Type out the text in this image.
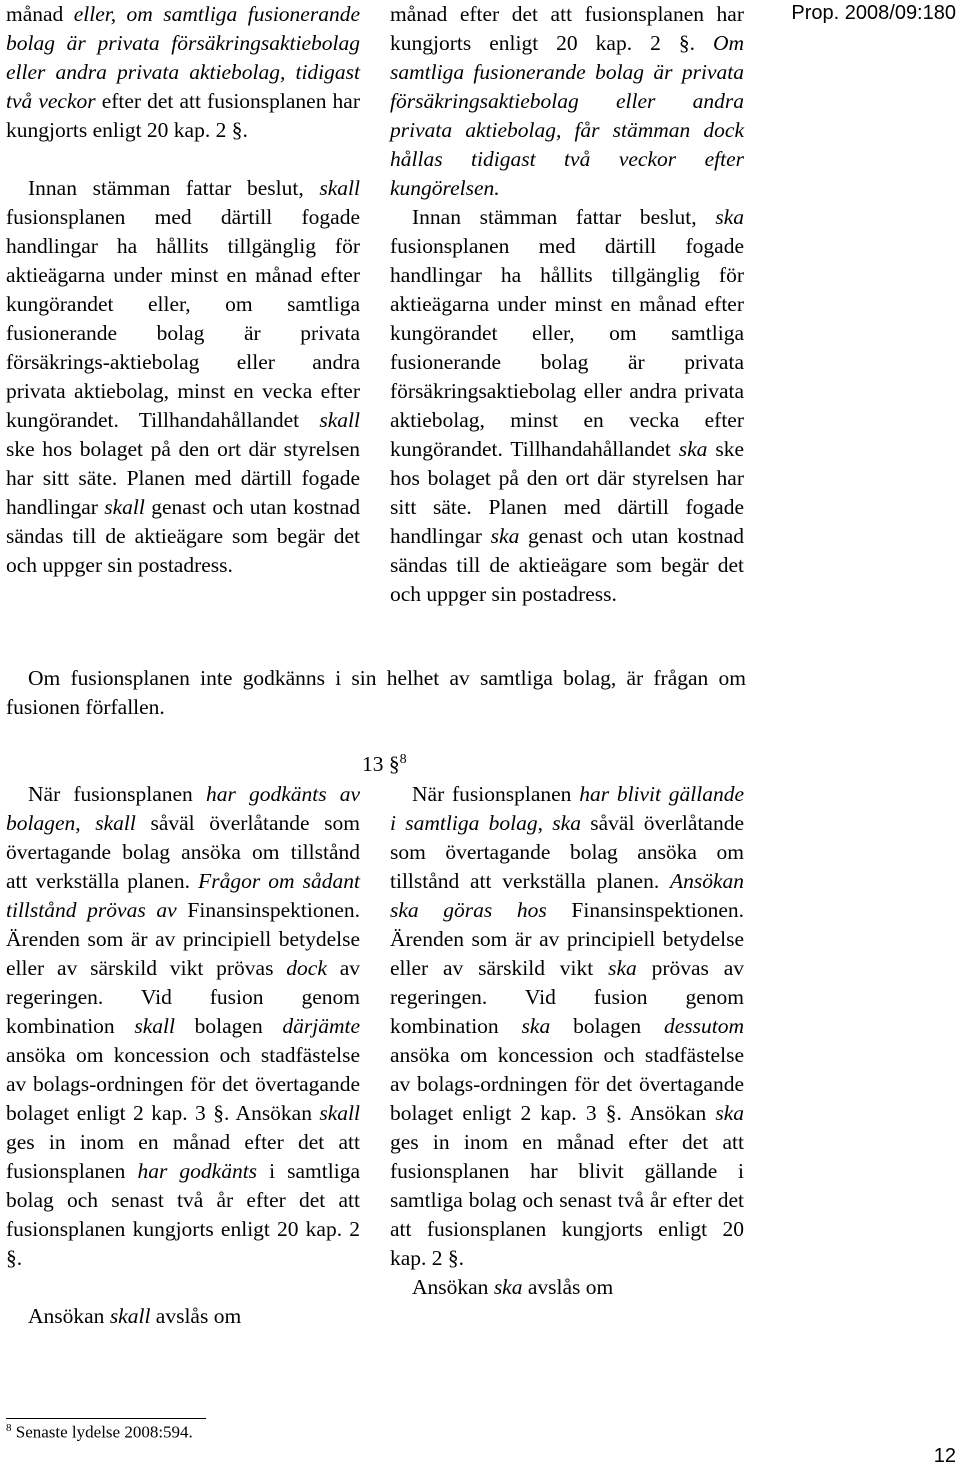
Prop. 2008/09:180

månad eller, om samtliga fusionerande bolag är privata försäkringsaktiebolag eller andra privata aktiebolag, tidigast två veckor efter det att fusionsplanen har kungjorts enligt 20 kap. 2 §.

Innan stämman fattar beslut, skall fusionsplanen med därtill fogade handlingar ha hållits tillgänglig för aktieägarna under minst en månad efter kungörandet eller, om samtliga fusionerande bolag är privata försäkrings-aktiebolag eller andra privata aktiebolag, minst en vecka efter kungörandet. Tillhandahållandet skall ske hos bolaget på den ort där styrelsen har sitt säte. Planen med därtill fogade handlingar skall genast och utan kostnad sändas till de aktieägare som begär det och uppger sin postadress.

månad efter det att fusionsplanen har kungjorts enligt 20 kap. 2 §. Om samtliga fusionerande bolag är privata försäkringsaktiebolag eller andra privata aktiebolag, får stämman dock hållas tidigast två veckor efter kungörelsen.

Innan stämman fattar beslut, ska fusionsplanen med därtill fogade handlingar ha hållits tillgänglig för aktieägarna under minst en månad efter kungörandet eller, om samtliga fusionerande bolag är privata försäkringsaktiebolag eller andra privata aktiebolag, minst en vecka efter kungörandet. Tillhandahållandet ska ske hos bolaget på den ort där styrelsen har sitt säte. Planen med därtill fogade handlingar ska genast och utan kostnad sändas till de aktieägare som begär det och uppger sin postadress.

Om fusionsplanen inte godkänns i sin helhet av samtliga bolag, är frågan om fusionen förfallen.
13 §$^8$

När fusionsplanen har godkänts av bolagen, skall såväl överlåtande som övertagande bolag ansöka om tillstånd att verkställa planen. Frågor om sådant tillstånd prövas av Finansinspektionen. Ärenden som är av principiell betydelse eller av särskild vikt prövas dock av regeringen. Vid fusion genom kombination skall bolagen därjämte ansöka om koncession och stadfästelse av bolags-ordningen för det övertagande bolaget enligt 2 kap. 3 §. Ansökan skall ges in inom en månad efter det att fusionsplanen har godkänts i samtliga bolag och senast två år efter det att fusionsplanen kungjorts enligt 20 kap. 2 §.

Ansökan skall avslås om

När fusionsplanen har blivit gällande i samtliga bolag, ska såväl överlåtande som övertagande bolag ansöka om tillstånd att verkställa planen. Ansökan ska göras hos Finansinspektionen. Ärenden som är av principiell betydelse eller av särskild vikt ska prövas av regeringen. Vid fusion genom kombination ska bolagen dessutom ansöka om koncession och stadfästelse av bolags-ordningen för det övertagande bolaget enligt 2 kap. 3 §. Ansökan ska ges in inom en månad efter det att fusionsplanen har blivit gällande i samtliga bolag och senast två år efter det att fusionsplanen kungjorts enligt 20 kap. 2 §.

Ansökan ska avslås om

$^8$ Senaste lydelse 2008:594.
12
